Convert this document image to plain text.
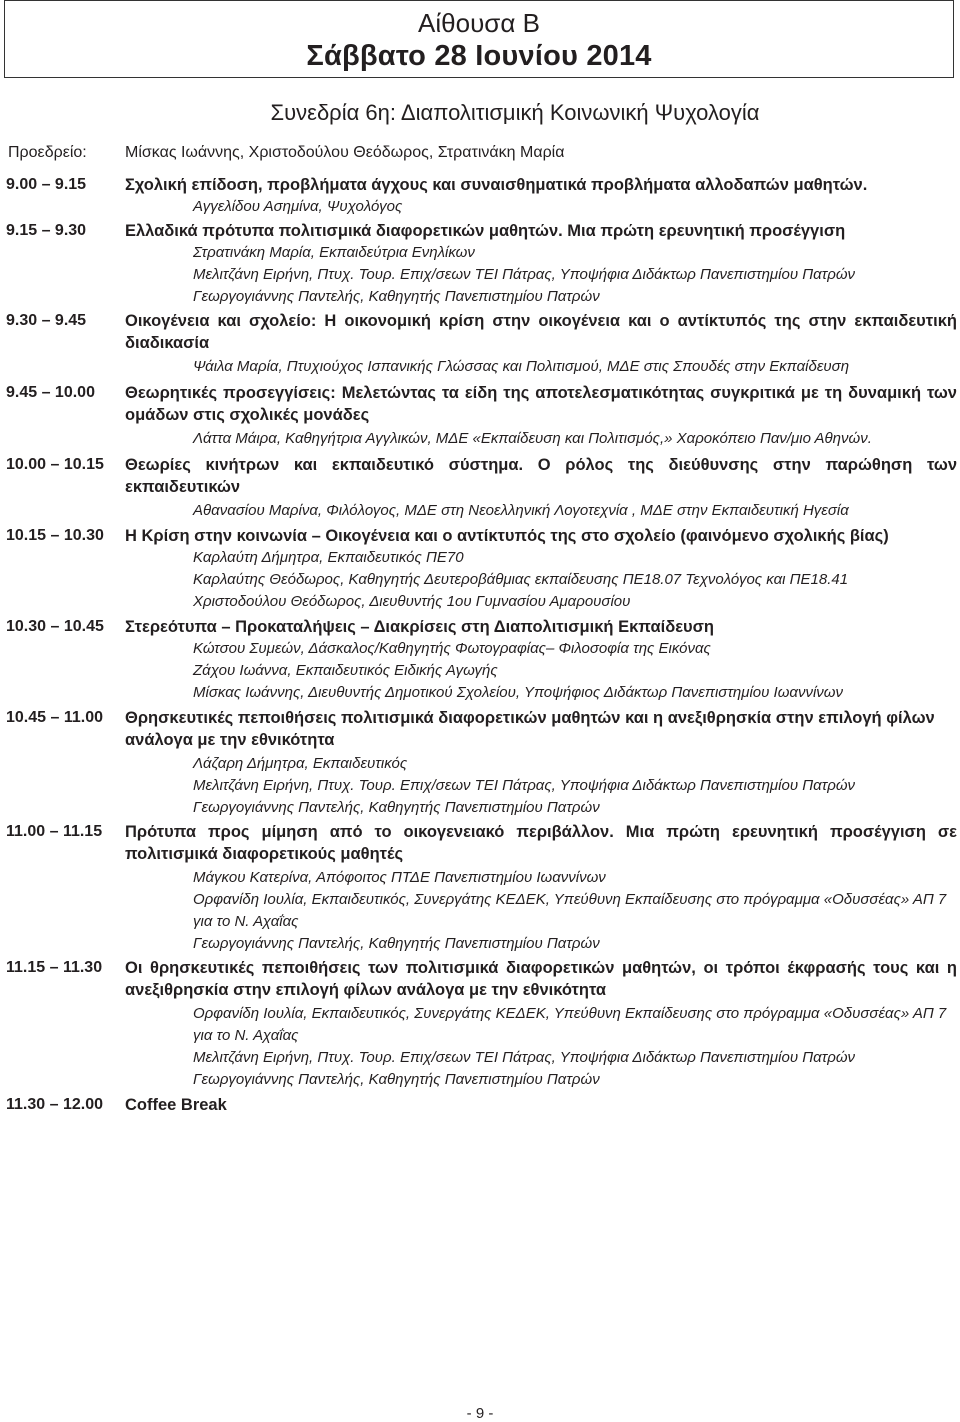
Αίθουσα Β
Σάββατο 28 Ιουνίου 2014
Συνεδρία 6η: Διαπολιτισμική Κοινωνική Ψυχολογία
Προεδρείο: Μίσκας Ιωάννης, Χριστοδούλου Θεόδωρος, Στρατινάκη Μαρία
9.00 – 9.15 Σχολική επίδοση, προβλήματα άγχους και συναισθηματικά προβλήματα αλλοδαπών μαθητών.
Αγγελίδου Ασημίνα, Ψυχολόγος
9.15 – 9.30 Ελλαδικά πρότυπα πολιτισμικά διαφορετικών μαθητών. Μια πρώτη ερευνητική προσέγγιση
Στρατινάκη Μαρία, Εκπαιδεύτρια Ενηλίκων
Μελιτζάνη Ειρήνη, Πτυχ. Τουρ. Επιχ/σεων ΤΕΙ Πάτρας, Υποψήφια Διδάκτωρ Πανεπιστημίου Πατρών
Γεωργογιάννης Παντελής, Καθηγητής Πανεπιστημίου Πατρών
9.30 – 9.45 Οικογένεια και σχολείο: Η οικονομική κρίση στην οικογένεια και ο αντίκτυπός της στην εκπαιδευτική διαδικασία
Ψάιλα Μαρία, Πτυχιούχος Ισπανικής Γλώσσας και Πολιτισμού, ΜΔΕ στις Σπουδές στην Εκπαίδευση
9.45 – 10.00 Θεωρητικές προσεγγίσεις: Μελετώντας τα είδη της αποτελεσματικότητας συγκριτικά με τη δυναμική των ομάδων στις σχολικές μονάδες
Λάττα Μάιρα, Καθηγήτρια Αγγλικών, ΜΔΕ «Εκπαίδευση και Πολιτισμός,» Χαροκόπειο Παν/μιο Αθηνών.
10.00 – 10.15 Θεωρίες κινήτρων και εκπαιδευτικό σύστημα. Ο ρόλος της διεύθυνσης στην παρώθηση των εκπαιδευτικών
Αθανασίου Μαρίνα, Φιλόλογος, ΜΔΕ στη Νεοελληνική Λογοτεχνία , ΜΔΕ στην Εκπαιδευτική Ηγεσία
10.15 – 10.30 Η Κρίση στην κοινωνία – Οικογένεια και ο αντίκτυπός της στο σχολείο (φαινόμενο σχολικής βίας)
Καρλαύτη Δήμητρα, Εκπαιδευτικός ΠΕ70
Καρλαύτης Θεόδωρος, Καθηγητής Δευτεροβάθμιας εκπαίδευσης ΠΕ18.07 Τεχνολόγος και ΠΕ18.41
Χριστοδούλου Θεόδωρος, Διευθυντής 1ου Γυμνασίου Αμαρουσίου
10.30 – 10.45 Στερεότυπα – Προκαταλήψεις – Διακρίσεις στη Διαπολιτισμική Εκπαίδευση
Κώτσου Συμεών, Δάσκαλος/Καθηγητής Φωτογραφίας– Φιλοσοφία της Εικόνας
Ζάχου Ιωάννα, Εκπαιδευτικός Ειδικής Αγωγής
Μίσκας Ιωάννης, Διευθυντής Δημοτικού Σχολείου, Υποψήφιος Διδάκτωρ Πανεπιστημίου Ιωαννίνων
10.45 – 11.00 Θρησκευτικές πεποιθήσεις πολιτισμικά διαφορετικών μαθητών και η ανεξιθρησκία στην επιλογή φίλων ανάλογα με την εθνικότητα
Λάζαρη Δήμητρα, Εκπαιδευτικός
Μελιτζάνη Ειρήνη, Πτυχ. Τουρ. Επιχ/σεων ΤΕΙ Πάτρας, Υποψήφια Διδάκτωρ Πανεπιστημίου Πατρών
Γεωργογιάννης Παντελής, Καθηγητής Πανεπιστημίου Πατρών
11.00 – 11.15 Πρότυπα προς μίμηση από το οικογενειακό περιβάλλον. Μια πρώτη ερευνητική προσέγγιση σε πολιτισμικά διαφορετικούς μαθητές
Μάγκου Κατερίνα, Απόφοιτος ΠΤΔΕ Πανεπιστημίου Ιωαννίνων
Ορφανίδη Ιουλία, Εκπαιδευτικός, Συνεργάτης ΚΕΔΕΚ, Υπεύθυνη Εκπαίδευσης στο πρόγραμμα «Οδυσσέας» ΑΠ 7 για το Ν. Αχαΐας
Γεωργογιάννης Παντελής, Καθηγητής Πανεπιστημίου Πατρών
11.15 – 11.30 Οι θρησκευτικές πεποιθήσεις των πολιτισμικά διαφορετικών μαθητών, οι τρόποι έκφρασής τους και η ανεξιθρησκία στην επιλογή φίλων ανάλογα με την εθνικότητα
Ορφανίδη Ιουλία, Εκπαιδευτικός, Συνεργάτης ΚΕΔΕΚ, Υπεύθυνη Εκπαίδευσης στο πρόγραμμα «Οδυσσέας» ΑΠ 7 για το Ν. Αχαΐας
Μελιτζάνη Ειρήνη, Πτυχ. Τουρ. Επιχ/σεων ΤΕΙ Πάτρας, Υποψήφια Διδάκτωρ Πανεπιστημίου Πατρών
Γεωργογιάννης Παντελής, Καθηγητής Πανεπιστημίου Πατρών
11.30 – 12.00 Coffee Break
- 9 -
